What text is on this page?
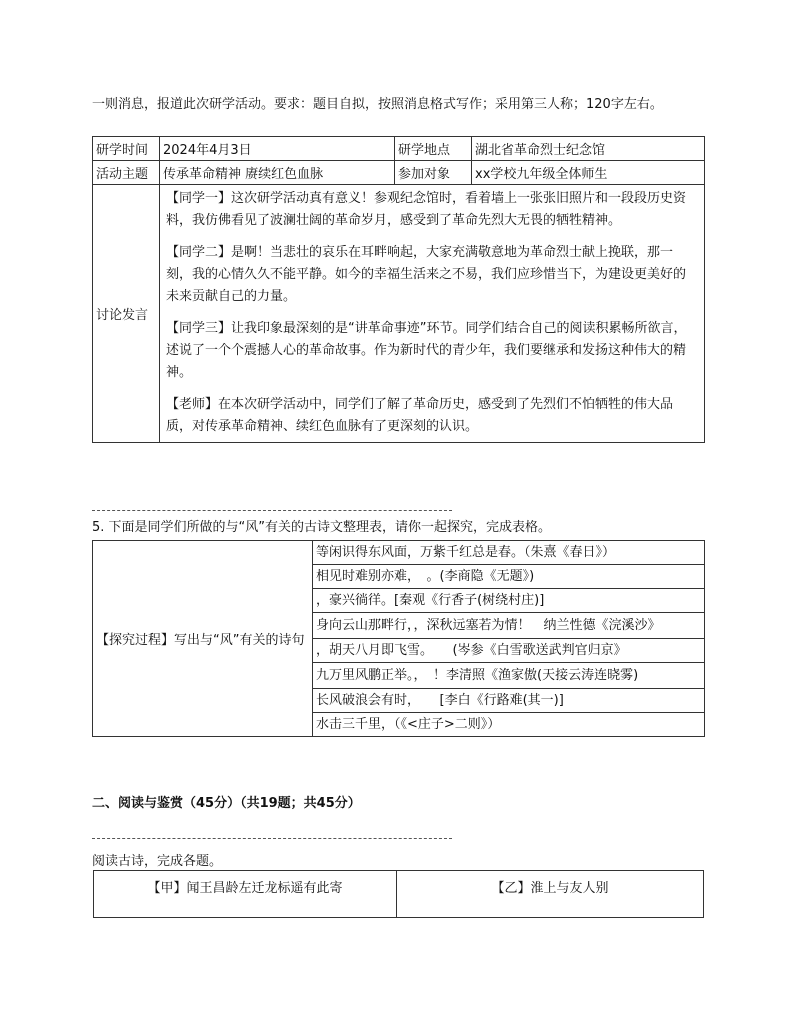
一则消息，报道此次研学活动。要求：题目自拟，按照消息格式写作；采用第三人称；120字左右。
研学时间	2024年4月3日	研学地点	湖北省革命烈士纪念馆
活动主题	传承革命精神 赓续红色血脉	参加对象	xx学校九年级全体师生
讨论发言	【同学一】这次研学活动真有意义！参观纪念馆时，看着墙上一张张旧照片和一段段历史资料，我仿佛看见了波澜壮阔的革命岁月，感受到了革命先烈大无畏的牺牲精神。

【同学二】是啊！当悲壮的哀乐在耳畔响起，大家充满敬意地为革命烈士献上挽联，那一刻，我的心情久久不能平静。如今的幸福生活来之不易，我们应珍惜当下，为建设更美好的未来贡献自己的力量。

【同学三】让我印象最深刻的是“讲革命事迹”环节。同学们结合自己的阅读积累畅所欲言，述说了一个个震撼人心的革命故事。作为新时代的青少年，我们要继承和发扬这种伟大的精神。

【老师】在本次研学活动中，同学们了解了革命历史，感受到了先烈们不怕牺牲的伟大品质，对传承革命精神、续红色血脉有了更深刻的认识。		

5. 下面是同学们所做的与“风”有关的古诗文整理表，请你一起探究，完成表格。
【探究过程】写出与“风”有关的诗句	等闲识得东风面，万紫千红总是春。（朱熹《春日》）
相见时难别亦难，　。(李商隐《无题》)
，豪兴徜徉。[秦观《行香子(树绕村庄)]
身向云山那畔行，，深秋远塞若为情！　纳兰性德《浣溪沙》
，胡天八月即飞雪。　　(岑参《白雪歌送武判官归京》
九万里风鹏正举。，　！李清照《渔家傲(天接云涛连晓雾)
长风破浪会有时，　　[李白《行路难(其一)]
水击三千里，（《<庄子>二则》）
二、阅读与鉴赏（45分）（共19题；共45分）
阅读古诗，完成各题。
【甲】闻王昌龄左迁龙标遥有此寄	【乙】淮上与友人别
